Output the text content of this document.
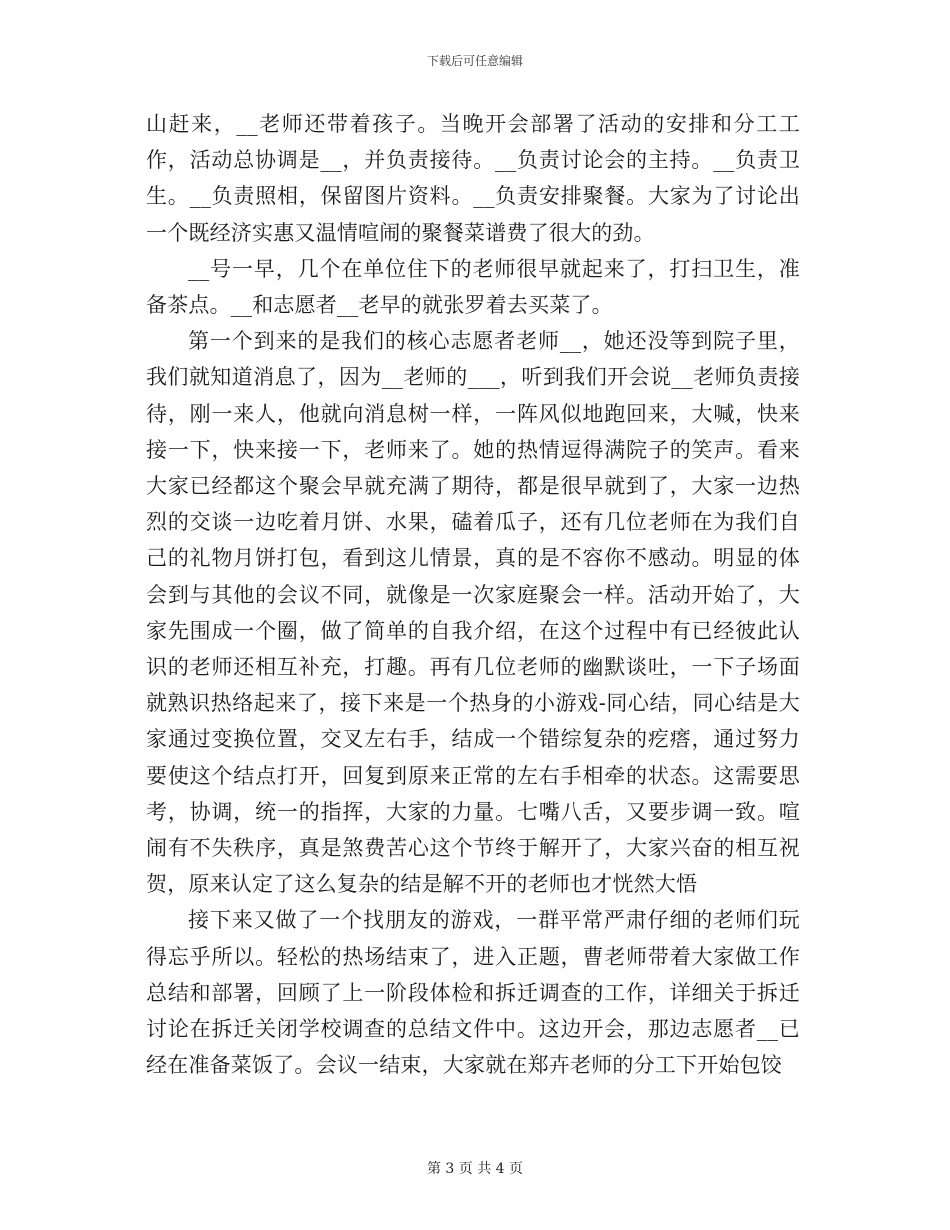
下载后可任意编辑

山赶来，__老师还带着孩子。当晚开会部署了活动的安排和分工工作，活动总协调是__，并负责接待。__负责讨论会的主持。__负责卫生。__负责照相，保留图片资料。__负责安排聚餐。大家为了讨论出一个既经济实惠又温情喧闹的聚餐菜谱费了很大的劲。

__号一早，几个在单位住下的老师很早就起来了，打扫卫生，准备茶点。__和志愿者__老早的就张罗着去买菜了。

第一个到来的是我们的核心志愿者老师__，她还没等到院子里，我们就知道消息了，因为__老师的___，听到我们开会说__老师负责接待，刚一来人，他就向消息树一样，一阵风似地跑回来，大喊，快来接一下，快来接一下，老师来了。她的热情逗得满院子的笑声。看来大家已经都这个聚会早就充满了期待，都是很早就到了，大家一边热烈的交谈一边吃着月饼、水果，磕着瓜子，还有几位老师在为我们自己的礼物月饼打包，看到这儿情景，真的是不容你不感动。明显的体会到与其他的会议不同，就像是一次家庭聚会一样。活动开始了，大家先围成一个圈，做了简单的自我介绍，在这个过程中有已经彼此认识的老师还相互补充，打趣。再有几位老师的幽默谈吐，一下子场面就熟识热络起来了，接下来是一个热身的小游戏-同心结，同心结是大家通过变换位置，交叉左右手，结成一个错综复杂的疙瘩，通过努力要使这个结点打开，回复到原来正常的左右手相牵的状态。这需要思考，协调，统一的指挥，大家的力量。七嘴八舌，又要步调一致。喧闹有不失秩序，真是煞费苦心这个节终于解开了，大家兴奋的相互祝贺，原来认定了这么复杂的结是解不开的老师也才恍然大悟

接下来又做了一个找朋友的游戏，一群平常严肃仔细的老师们玩得忘乎所以。轻松的热场结束了，进入正题，曹老师带着大家做工作总结和部署，回顾了上一阶段体检和拆迁调查的工作，详细关于拆迁讨论在拆迁关闭学校调查的总结文件中。这边开会，那边志愿者__已经在准备菜饭了。会议一结束，大家就在郑卉老师的分工下开始包饺

第 3 页 共 4 页
